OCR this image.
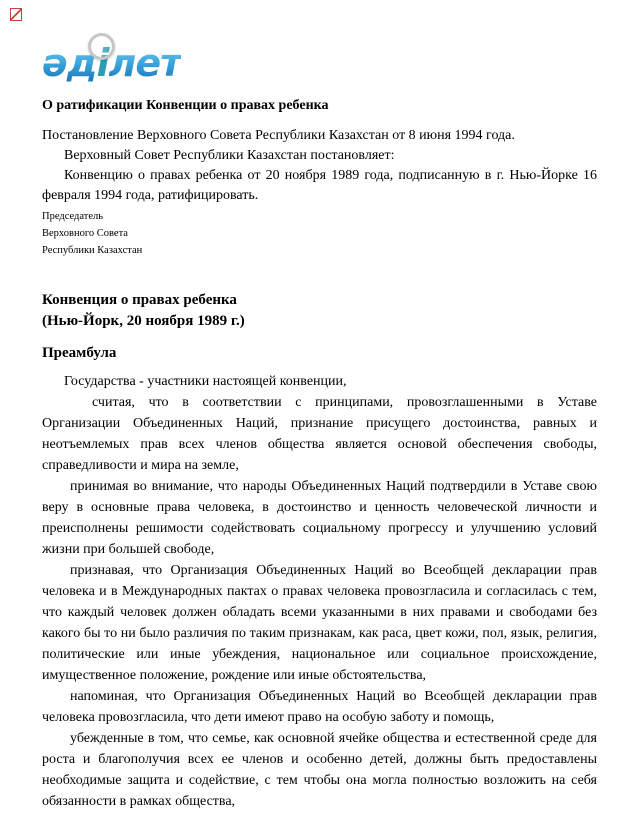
әді
лет
О ратификации Конвенции о правах ребенка

Постановление Верховного Совета Республики Казахстан от 8 июня 1994 года.

Верховный Совет Республики Казахстан постановляет:

Конвенцию о правах ребенка от 20 ноября 1989 года, подписанную в г. Нью-Йорке 16 февраля 1994 года, ратифицировать.

Председатель
Верховного Совета
Республики Казахстан
Конвенция о правах ребенка
(Нью-Йорк, 20 ноября 1989 г.)
Преамбула

Государства - участники настоящей конвенции,

считая, что в соответствии с принципами, провозглашенными в Уставе Организации Объединенных Наций, признание присущего достоинства, равных и неотъемлемых прав всех членов общества является основой обеспечения свободы, справедливости и мира на земле,

принимая во внимание, что народы Объединенных Наций подтвердили в Уставе свою веру в основные права человека, в достоинство и ценность человеческой личности и преисполнены решимости содействовать социальному прогрессу и улучшению условий жизни при большей свободе,

признавая, что Организация Объединенных Наций во Всеобщей декларации прав человека и в Международных пактах о правах человека провозгласила и согласилась с тем, что каждый человек должен обладать всеми указанными в них правами и свободами без какого бы то ни было различия по таким признакам, как раса, цвет кожи, пол, язык, религия, политические или иные убеждения, национальное или социальное происхождение, имущественное положение, рождение или иные обстоятельства,

напоминая, что Организация Объединенных Наций во Всеобщей декларации прав человека провозгласила, что дети имеют право на особую заботу и помощь,

убежденные в том, что семье, как основной ячейке общества и естественной среде для роста и благополучия всех ее членов и особенно детей, должны быть предоставлены необходимые защита и содействие, с тем чтобы она могла полностью возложить на себя обязанности в рамках общества,
